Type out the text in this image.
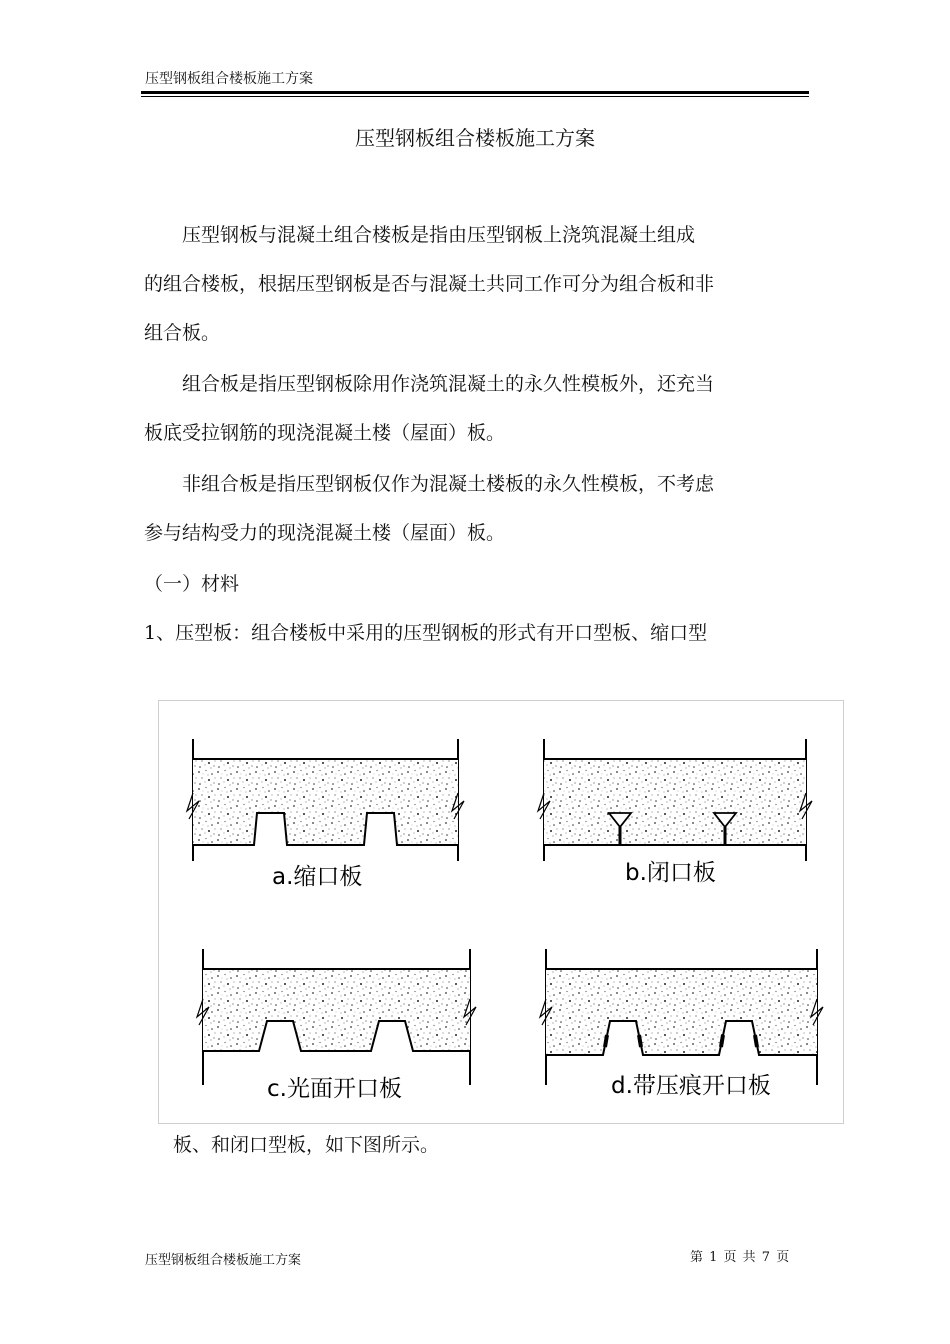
压型钢板组合楼板施工方案
压型钢板组合楼板施工方案
压型钢板与混凝土组合楼板是指由压型钢板上浇筑混凝土组成
的组合楼板，根据压型钢板是否与混凝土共同工作可分为组合板和非
组合板。
组合板是指压型钢板除用作浇筑混凝土的永久性模板外，还充当
板底受拉钢筋的现浇混凝土楼（屋面）板。
非组合板是指压型钢板仅作为混凝土楼板的永久性模板，不考虑
参与结构受力的现浇混凝土楼（屋面）板。
（一）材料
1、压型板：组合楼板中采用的压型钢板的形式有开口型板、缩口型
a.缩口板	b.闭口板
c.光面开口板	d.带压痕开口板
板、和闭口型板，如下图所示。
压型钢板组合楼板施工方案	第 1 页 共 7 页
